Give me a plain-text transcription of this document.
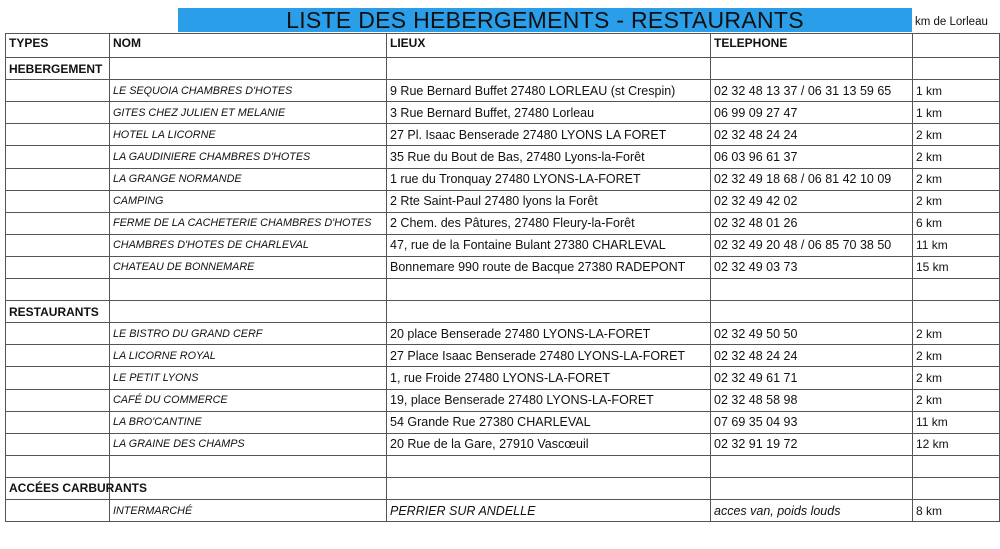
LISTE DES HEBERGEMENTS - RESTAURANTS	km de Lorleau
TYPES	NOM	LIEUX	TELEPHONE	
HEBERGEMENT				
	LE SEQUOIA CHAMBRES D'HOTES	9 Rue Bernard Buffet 27480 LORLEAU (st Crespin)	02 32 48 13 37 / 06 31 13 59 65	1 km
	GITES CHEZ JULIEN ET MELANIE	3 Rue Bernard Buffet, 27480 Lorleau	06 99 09 27 47	1 km
	HOTEL LA LICORNE	27 Pl. Isaac Benserade 27480 LYONS LA FORET	02 32 48 24 24	2 km
	LA GAUDINIERE CHAMBRES D'HOTES	35 Rue du Bout de Bas, 27480 Lyons-la-Forêt	06 03 96 61 37	2 km
	LA GRANGE NORMANDE	1 rue du Tronquay 27480 LYONS-LA-FORET	02 32 49 18 68 / 06 81 42 10 09	2 km
	CAMPING	2 Rte Saint-Paul 27480 lyons la Forêt	02 32 49 42 02	2 km
	FERME DE LA CACHETERIE CHAMBRES D'HOTES	2 Chem. des Pâtures, 27480 Fleury-la-Forêt	02 32 48 01 26	6 km
	CHAMBRES D'HOTES DE CHARLEVAL	47, rue de la Fontaine Bulant 27380 CHARLEVAL	02 32 49 20 48 / 06 85 70 38 50	11 km
	CHATEAU DE BONNEMARE	Bonnemare 990 route de Bacque 27380 RADEPONT	02 32 49 03 73	15 km

RESTAURANTS				
	LE BISTRO DU GRAND CERF	20 place Benserade 27480 LYONS-LA-FORET	02 32 49 50 50	2 km
	LA LICORNE ROYAL	27 Place Isaac Benserade 27480 LYONS-LA-FORET	02 32 48 24 24	2 km
	LE PETIT LYONS	1, rue Froide 27480 LYONS-LA-FORET	02 32 49 61 71	2 km
	CAFÉ DU COMMERCE	19, place Benserade 27480 LYONS-LA-FORET	02 32 48 58 98	2 km
	LA BRO'CANTINE	54 Grande Rue 27380 CHARLEVAL	07 69 35 04 93	11 km
	LA GRAINE DES CHAMPS	20 Rue de la Gare, 27910 Vascœuil	02 32 91 19 72	12 km

ACCÉES CARBURANTS				
	INTERMARCHÉ	PERRIER SUR ANDELLE	acces van, poids louds	8 km
